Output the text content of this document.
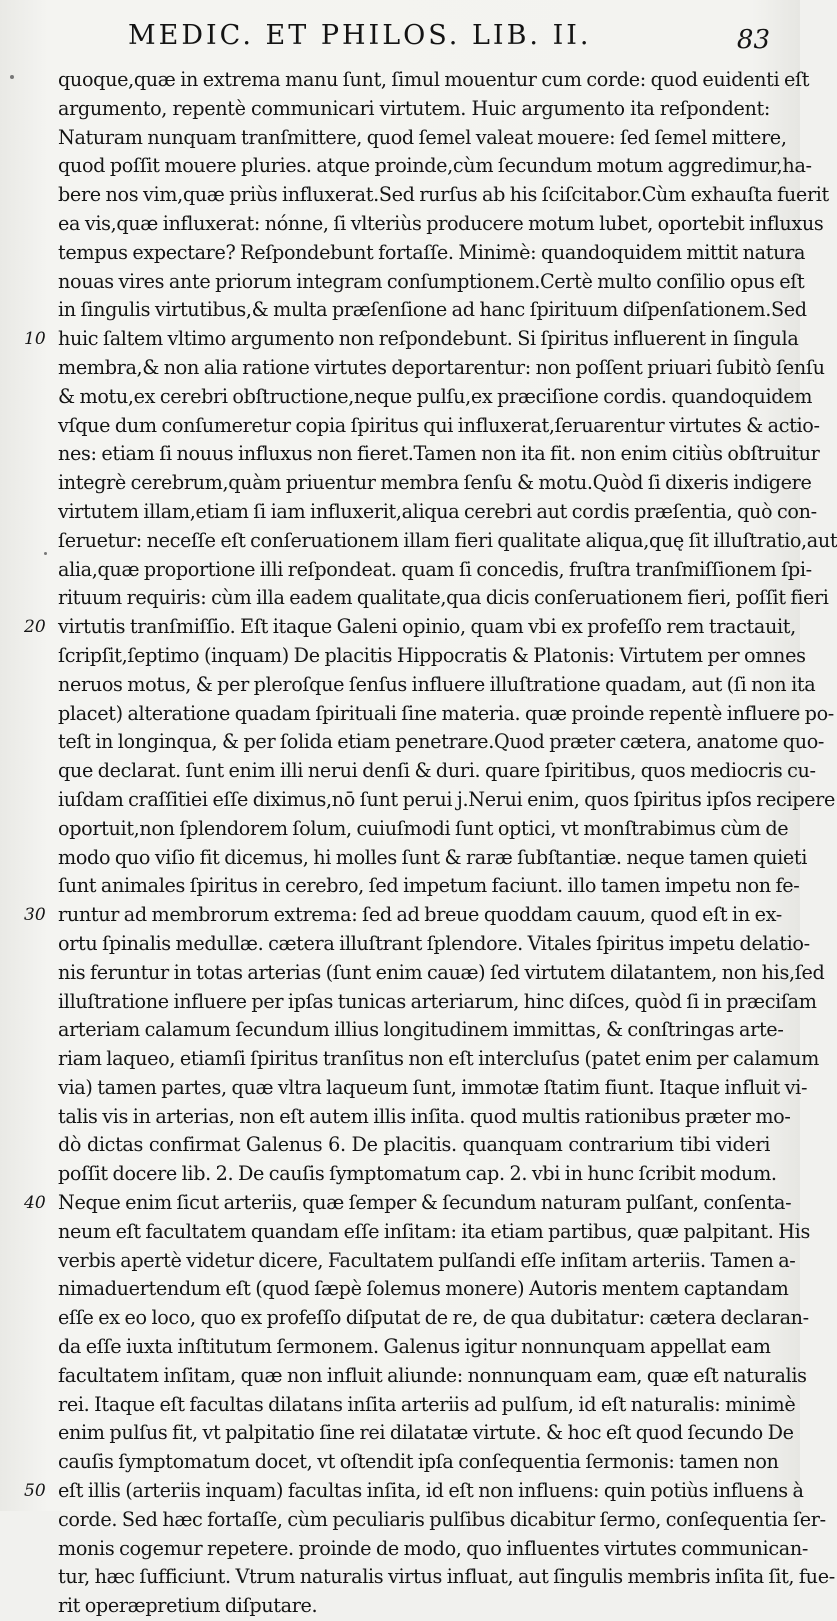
MEDIC. ET PHILOS. LIB. II.	83
quoque,quæ in extrema manu ſunt, ſimul mouentur cum corde: quod euidenti eſt
argumento, repentè communicari virtutem. Huic argumento ita reſpondent:
Naturam nunquam tranſmittere, quod ſemel valeat mouere: ſed ſemel mittere,
quod poſſit mouere pluries. atque proinde,cùm ſecundum motum aggredimur,ha-
bere nos vim,quæ priùs influxerat.Sed rurſus ab his ſciſcitabor.Cùm exhauſta fuerit
ea vis,quæ influxerat: nónne, ſi vlteriùs producere motum lubet, oportebit influxus
tempus expectare? Reſpondebunt fortaſſe. Minimè: quandoquidem mittit natura
nouas vires ante priorum integram conſumptionem.Certè multo conſilio opus eſt
in ſingulis virtutibus,& multa præſenſione ad hanc ſpirituum diſpenſationem.Sed
huic ſaltem vltimo argumento non reſpondebunt. Si ſpiritus influerent in ſingula
10
membra,& non alia ratione virtutes deportarentur: non poſſent priuari ſubitò ſenſu
& motu,ex cerebri obſtructione,neque pulſu,ex præciſione cordis. quandoquidem
vſque dum conſumeretur copia ſpiritus qui influxerat,ſeruarentur virtutes & actio-
nes: etiam ſi nouus influxus non fieret.Tamen non ita fit. non enim citiùs obſtruitur
integrè cerebrum,quàm priuentur membra ſenſu & motu.Quòd ſi dixeris indigere
virtutem illam,etiam ſi iam influxerit,aliqua cerebri aut cordis præſentia, quò con-
ſeruetur: neceſſe eſt conſeruationem illam fieri qualitate aliqua,quę ſit illuſtratio,aut
alia,quæ proportione illi reſpondeat. quam ſi concedis, fruſtra tranſmiſſionem ſpi-
rituum requiris: cùm illa eadem qualitate,qua dicis conſeruationem fieri, poſſit fieri
virtutis tranſmiſſio. Eſt itaque Galeni opinio, quam vbi ex profeſſo rem tractauit,
20
ſcripſit,ſeptimo (inquam) De placitis Hippocratis & Platonis: Virtutem per omnes
neruos motus, & per pleroſque ſenſus influere illuſtratione quadam, aut (ſi non ita
placet) alteratione quadam ſpirituali ſine materia. quæ proinde repentè influere po-
teſt in longinqua, & per ſolida etiam penetrare.Quod præter cætera, anatome quo-
que declarat. ſunt enim illi nerui denſi & duri. quare ſpiritibus, quos mediocris cu-
iuſdam craſſitiei eſſe diximus,nō ſunt perui j.Nerui enim, quos ſpiritus ipſos recipere
oportuit,non ſplendorem ſolum, cuiuſmodi ſunt optici, vt monſtrabimus cùm de
modo quo viſio fit dicemus, hi molles ſunt & raræ ſubſtantiæ. neque tamen quieti
ſunt animales ſpiritus in cerebro, ſed impetum faciunt. illo tamen impetu non fe-
runtur ad membrorum extrema: ſed ad breue quoddam cauum, quod eſt in ex-
30
ortu ſpinalis medullæ. cætera illuſtrant ſplendore. Vitales ſpiritus impetu delatio-
nis feruntur in totas arterias (ſunt enim cauæ) ſed virtutem dilatantem, non his,ſed
illuſtratione influere per ipſas tunicas arteriarum, hinc diſces, quòd ſi in præciſam
arteriam calamum ſecundum illius longitudinem immittas, & conſtringas arte-
riam laqueo, etiamſi ſpiritus tranſitus non eſt intercluſus (patet enim per calamum
via) tamen partes, quæ vltra laqueum ſunt, immotæ ſtatim fiunt. Itaque influit vi-
talis vis in arterias, non eſt autem illis inſita. quod multis rationibus præter mo-
dò dictas confirmat Galenus 6. De placitis. quanquam contrarium tibi videri
poſſit docere lib. 2. De cauſis ſymptomatum cap. 2. vbi in hunc ſcribit modum.
Neque enim ſicut arteriis, quæ ſemper & ſecundum naturam pulſant, conſenta-
40
neum eſt facultatem quandam eſſe inſitam: ita etiam partibus, quæ palpitant. His
verbis apertè videtur dicere, Facultatem pulſandi eſſe inſitam arteriis. Tamen a-
nimaduertendum eſt (quod ſæpè ſolemus monere) Autoris mentem captandam
eſſe ex eo loco, quo ex profeſſo diſputat de re, de qua dubitatur: cætera declaran-
da eſſe iuxta inſtitutum ſermonem. Galenus igitur nonnunquam appellat eam
facultatem inſitam, quæ non influit aliunde: nonnunquam eam, quæ eſt naturalis
rei. Itaque eſt facultas dilatans inſita arteriis ad pulſum, id eſt naturalis: minimè
enim pulſus fit, vt palpitatio ſine rei dilatatæ virtute. & hoc eſt quod ſecundo De
cauſis ſymptomatum docet, vt oſtendit ipſa conſequentia ſermonis: tamen non
eſt illis (arteriis inquam) facultas inſita, id eſt non influens: quin potiùs influens à
50
corde. Sed hæc fortaſſe, cùm peculiaris pulſibus dicabitur ſermo, conſequentia ſer-
monis cogemur repetere. proinde de modo, quo influentes virtutes communican-
tur, hæc ſufficiunt. Vtrum naturalis virtus influat, aut ſingulis membris inſita ſit, fue-
rit operæpretium diſputare.
